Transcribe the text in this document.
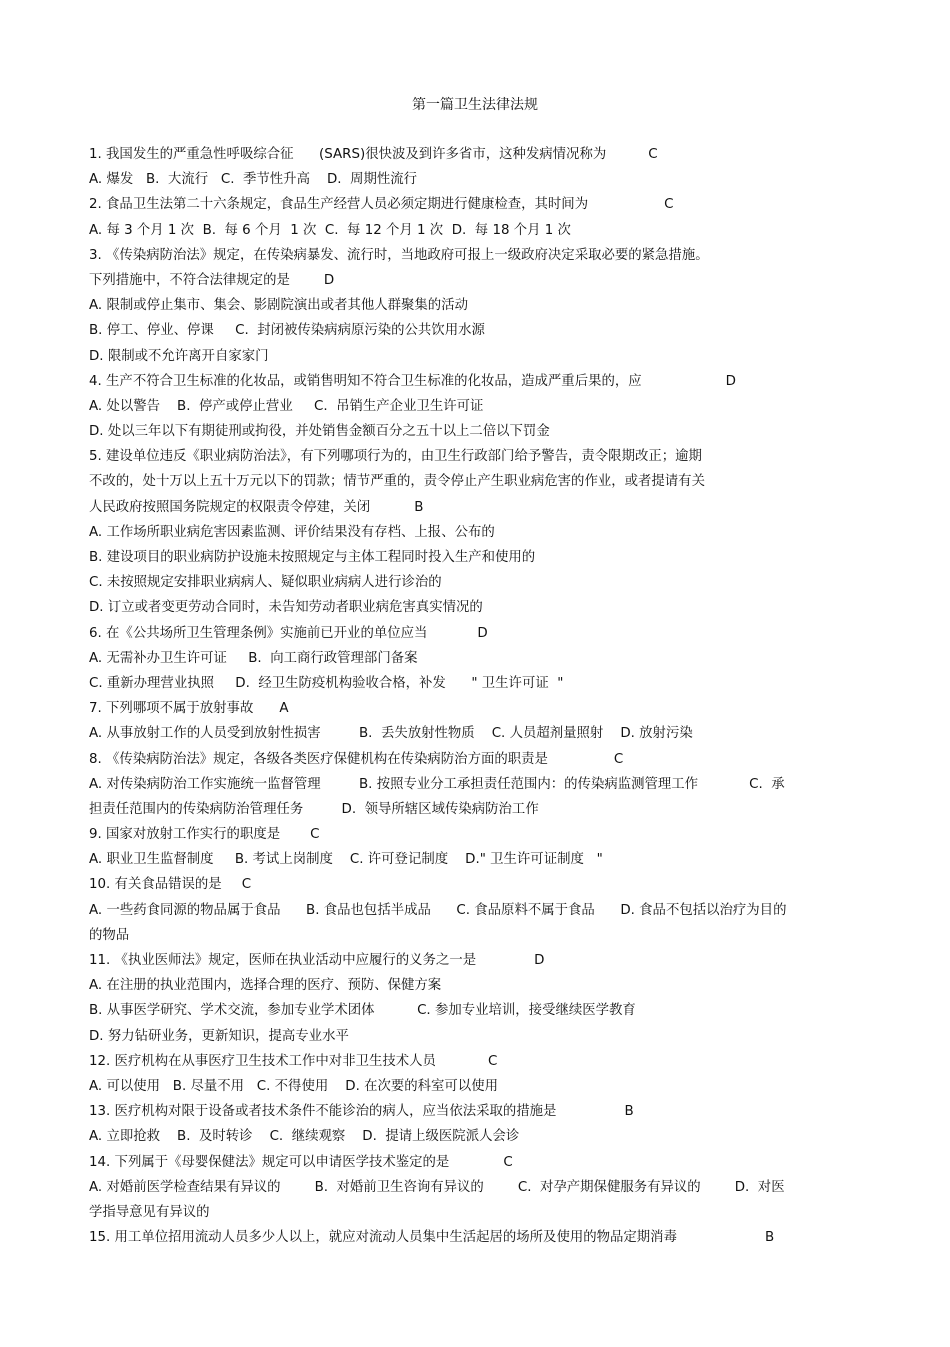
第一篇卫生法律法规
1. 我国发生的严重急性呼吸综合征      (SARS)很快波及到许多省市，这种发病情况称为	C
A. 爆发   B.  大流行   C.  季节性升高    D.  周期性流行
2. 食品卫生法第二十六条规定，食品生产经营人员必须定期进行健康检查，其时间为	C
A. 每 3 个月 1 次  B.  每 6 个月  1 次  C.  每 12 个月 1 次  D.  每 18 个月 1 次
3. 《传染病防治法》规定，在传染病暴发、流行时，当地政府可报上一级政府决定采取必要的紧急措施。
下列措施中，不符合法律规定的是	D
A. 限制或停止集市、集会、影剧院演出或者其他人群聚集的活动
B. 停工、停业、停课     C.  封闭被传染病病原污染的公共饮用水源
D. 限制或不允许离开自家家门
4. 生产不符合卫生标准的化妆品，或销售明知不符合卫生标准的化妆品，造成严重后果的，应	D
A. 处以警告    B.  停产或停止营业     C.  吊销生产企业卫生许可证
D. 处以三年以下有期徒刑或拘役，并处销售金额百分之五十以上二倍以下罚金
5. 建设单位违反《职业病防治法》，有下列哪项行为的，由卫生行政部门给予警告，责令限期改正；逾期
不改的，处十万以上五十万元以下的罚款；情节严重的，责令停止产生职业病危害的作业，或者提请有关
人民政府按照国务院规定的权限责令停建，关闭	B
A. 工作场所职业病危害因素监测、评价结果没有存档、上报、公布的
B. 建设项目的职业病防护设施未按照规定与主体工程同时投入生产和使用的
C. 未按照规定安排职业病病人、疑似职业病病人进行诊治的
D. 订立或者变更劳动合同时，未告知劳动者职业病危害真实情况的
6. 在《公共场所卫生管理条例》实施前已开业的单位应当	D
A. 无需补办卫生许可证     B.  向工商行政管理部门备案
C. 重新办理营业执照     D.  经卫生防疫机构验收合格，补发      " 卫生许可证  "
7. 下列哪项不属于放射事故 A
A. 从事放射工作的人员受到放射性损害         B.  丢失放射性物质    C. 人员超剂量照射    D. 放射污染
8. 《传染病防治法》规定，各级各类医疗保健机构在传染病防治方面的职责是	C
A. 对传染病防治工作实施统一监督管理         B. 按照专业分工承担责任范围内：的传染病监测管理工作            C.  承
担责任范围内的传染病防治管理任务         D.  领导所辖区域传染病防治工作
9. 国家对放射工作实行的职度是 C
A. 职业卫生监督制度     B. 考试上岗制度    C. 许可登记制度    D." 卫生许可证制度   "
10. 有关食品错误的是 C
A. 一些药食同源的物品属于食品      B. 食品也包括半成品      C. 食品原料不属于食品      D. 食品不包括以治疗为目的
的物品
11. 《执业医师法》规定，医师在执业活动中应履行的义务之一是	D
A. 在注册的执业范围内，选择合理的医疗、预防、保健方案
B. 从事医学研究、学术交流，参加专业学术团体          C. 参加专业培训，接受继续医学教育
D. 努力钻研业务，更新知识，提高专业水平
12. 医疗机构在从事医疗卫生技术工作中对非卫生技术人员	C
A. 可以使用   B. 尽量不用   C. 不得使用    D. 在次要的科室可以使用
13. 医疗机构对限于设备或者技术条件不能诊治的病人，应当依法采取的措施是	B
A. 立即抢救    B.  及时转诊    C.  继续观察    D.  提请上级医院派人会诊
14. 下列属于《母婴保健法》规定可以申请医学技术鉴定的是	C
A. 对婚前医学检查结果有异议的        B.  对婚前卫生咨询有异议的        C.  对孕产期保健服务有异议的        D.  对医
学指导意见有异议的
15. 用工单位招用流动人员多少人以上，就应对流动人员集中生活起居的场所及使用的物品定期消毒	B
